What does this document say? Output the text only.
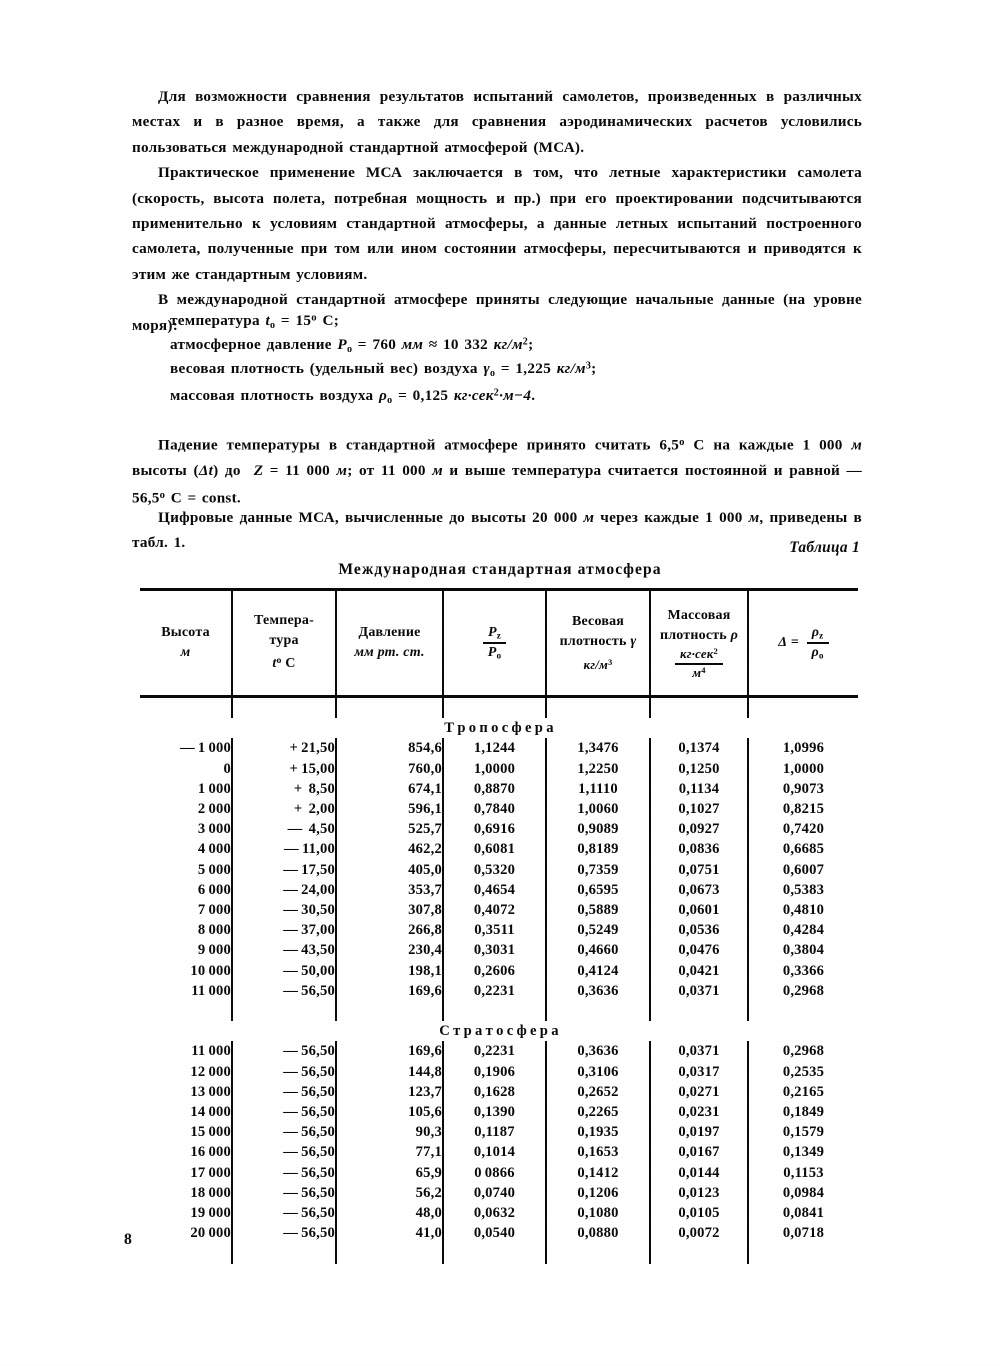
Для возможности сравнения результатов испытаний самолетов, произведенных в различных местах и в разное время, а также для сравнения аэродинамических расчетов условились пользоваться международной стандартной атмосферой (МСА).

Практическое применение МСА заключается в том, что летные характеристики самолета (скорость, высота полета, потребная мощность и пр.) при его проектировании подсчитываются применительно к условиям стандартной атмосферы, а данные летных испытаний построенного самолета, полученные при том или ином состоянии атмосферы, пересчитываются и приводятся к этим же стандартным условиям.

В международной стандартной атмосфере приняты следующие начальные данные (на уровне моря):

температура $t_o = 15^o$ С;
атмосферное давление $P_o = 760$ мм ≈ 10 332 $кг/м^2$;
весовая плотность (удельный вес) воздуха $\gamma_o = 1,225$ $кг/м^3$;
массовая плотность воздуха $\rho_o = 0,125$ кг·сек$^2$·м−4.

Падение температуры в стандартной атмосфере принято считать 6,5$^o$ С на каждые 1 000 м высоты (Δt) до  Z = 11 000 м; от 11 000 м и выше температура считается постоянной и равной —56,5$^o$ С = const.

Цифровые данные МСА, вычисленные до высоты 20 000 м через каждые 1 000 м, приведены в табл. 1.	Таблица 1
Международная стандартная атмосфера
Высота
м

Темпера-
тура
$t^o$ С

Давление
мм рт. ст.	$\frac{P_z}{P_o}$

Весовая
плотность γ
$кг/м^3$

Массовая
плотность ρ
$\frac{кг\cdot сек^2}{м^4}$
	$\Delta = \frac{\rho_z}{\rho_o}$

Т р о п о с ф е р а						
— 1 000	+ 21,50	854,6	1,1244	1,3476	0,1374	1,0996
0	+ 15,00	760,0	1,0000	1,2250	0,1250	1,0000
1 000	+  8,50	674,1	0,8870	1,1110	0,1134	0,9073
2 000	+  2,00	596,1	0,7840	1,0060	0,1027	0,8215
3 000	—  4,50	525,7	0,6916	0,9089	0,0927	0,7420
4 000	— 11,00	462,2	0,6081	0,8189	0,0836	0,6685
5 000	— 17,50	405,0	0,5320	0,7359	0,0751	0,6007
6 000	— 24,00	353,7	0,4654	0,6595	0,0673	0,5383
7 000	— 30,50	307,8	0,4072	0,5889	0,0601	0,4810
8 000	— 37,00	266,8	0,3511	0,5249	0,0536	0,4284
9 000	— 43,50	230,4	0,3031	0,4660	0,0476	0,3804
10 000	— 50,00	198,1	0,2606	0,4124	0,0421	0,3366
11 000	— 56,50	169,6	0,2231	0,3636	0,0371	0,2968

С т р а т о с ф е р а						
11 000	— 56,50	169,6	0,2231	0,3636	0,0371	0,2968
12 000	— 56,50	144,8	0,1906	0,3106	0,0317	0,2535
13 000	— 56,50	123,7	0,1628	0,2652	0,0271	0,2165
14 000	— 56,50	105,6	0,1390	0,2265	0,0231	0,1849
15 000	— 56,50	90,3	0,1187	0,1935	0,0197	0,1579
16 000	— 56,50	77,1	0,1014	0,1653	0,0167	0,1349
17 000	— 56,50	65,9	0 0866	0,1412	0,0144	0,1153
18 000	— 56,50	56,2	0,0740	0,1206	0,0123	0,0984
19 000	— 56,50	48,0	0,0632	0,1080	0,0105	0,0841
20 000	— 56,50	41,0	0,0540	0,0880	0,0072	0,0718

8
